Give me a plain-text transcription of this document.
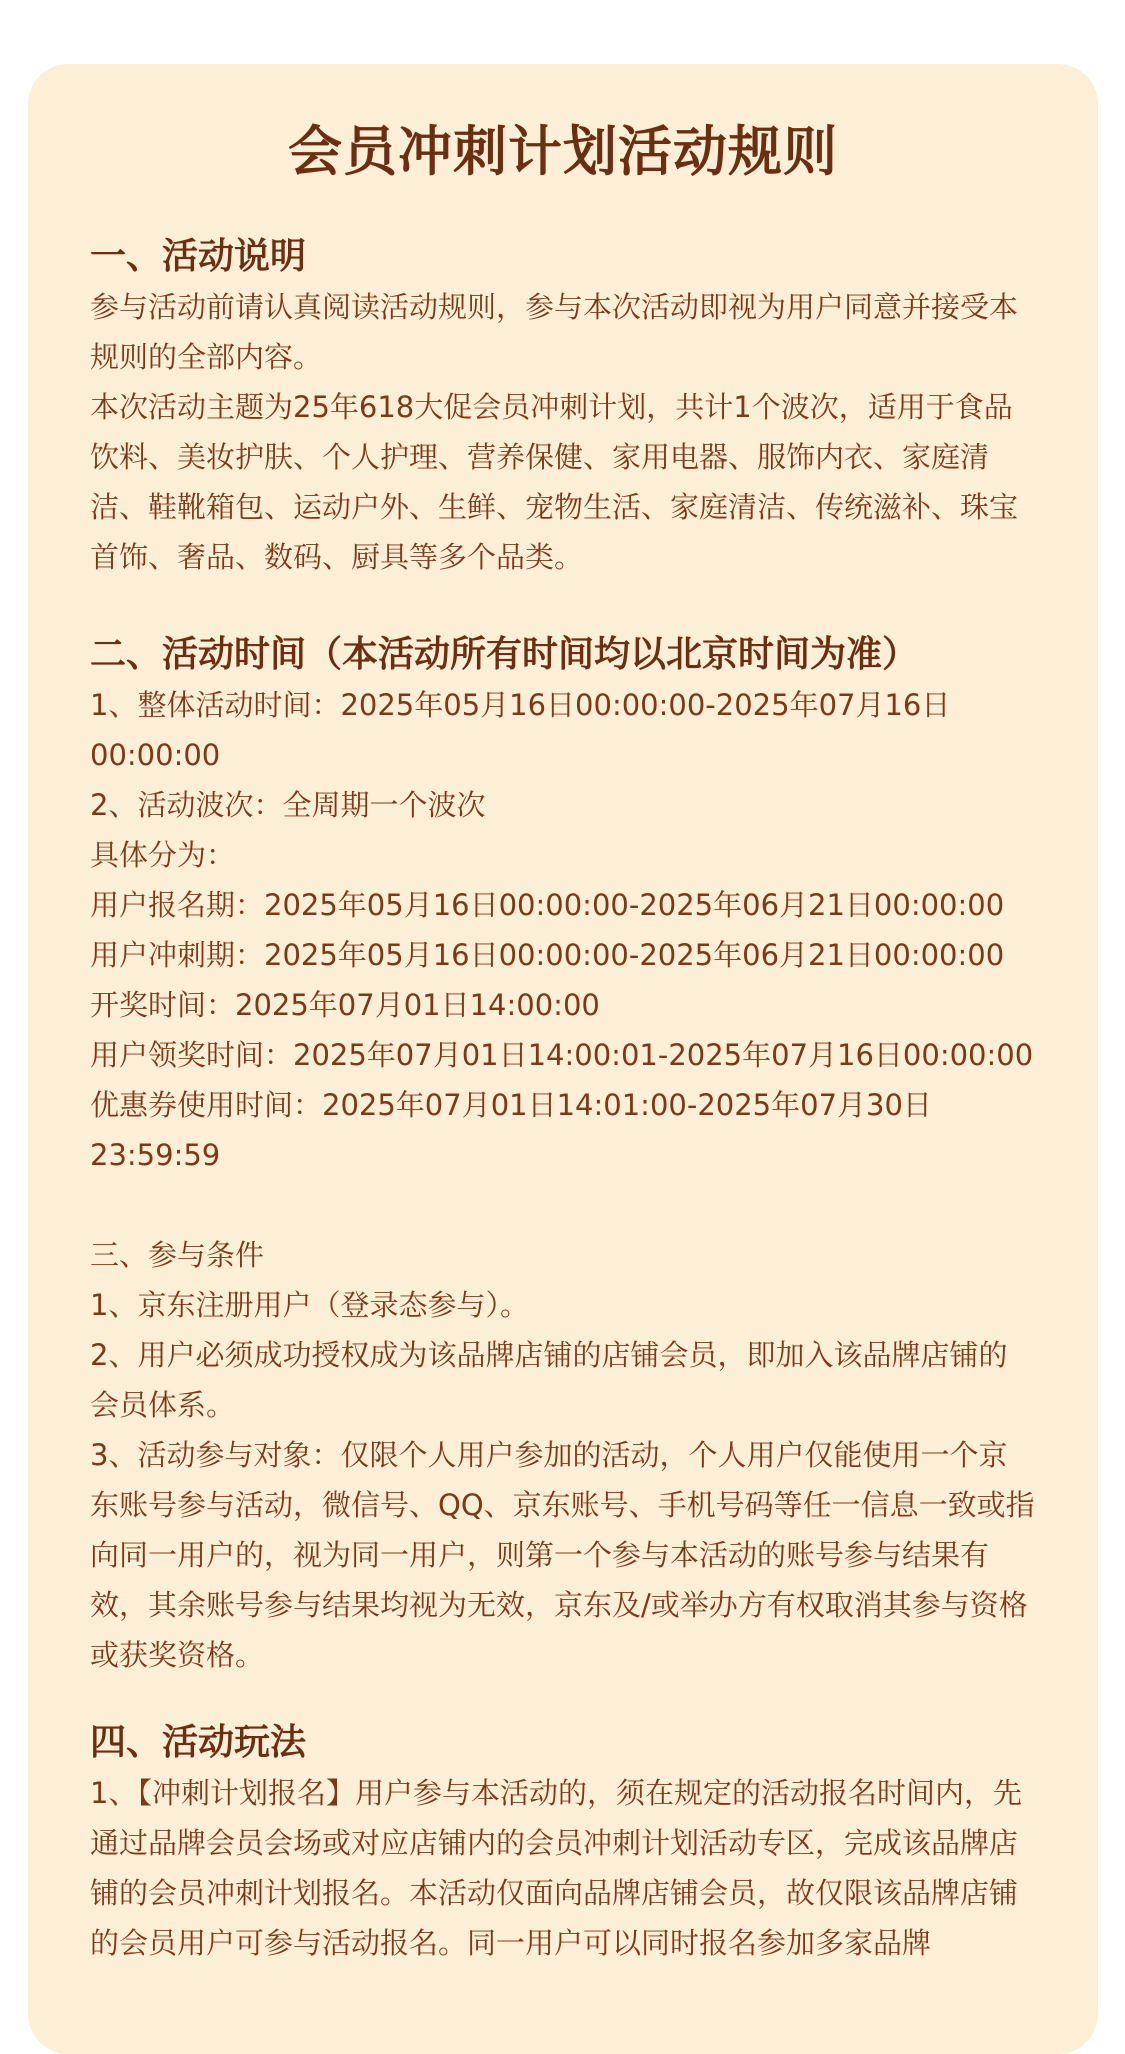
会员冲刺计划活动规则
一、活动说明

参与活动前请认真阅读活动规则，参与本次活动即视为用户同意并接受本规则的全部内容。

本次活动主题为25年618大促会员冲刺计划，共计1个波次，适用于食品饮料、美妆护肤、个人护理、营养保健、家用电器、服饰内衣、家庭清洁、鞋靴箱包、运动户外、生鲜、宠物生活、家庭清洁、传统滋补、珠宝首饰、奢品、数码、厨具等多个品类。

二、活动时间（本活动所有时间均以北京时间为准）

1、整体活动时间：2025年05月16日00:00:00-2025年07月16日00:00:00

2、活动波次：全周期一个波次

具体分为：

用户报名期：2025年05月16日00:00:00-2025年06月21日00:00:00

用户冲刺期：2025年05月16日00:00:00-2025年06月21日00:00:00

开奖时间：2025年07月01日14:00:00

用户领奖时间：2025年07月01日14:00:01-2025年07月16日00:00:00

优惠券使用时间：2025年07月01日14:01:00-2025年07月30日23:59:59

三、参与条件

1、京东注册用户（登录态参与）。

2、用户必须成功授权成为该品牌店铺的店铺会员，即加入该品牌店铺的会员体系。

3、活动参与对象：仅限个人用户参加的活动，个人用户仅能使用一个京东账号参与活动，微信号、QQ、京东账号、手机号码等任一信息一致或指向同一用户的，视为同一用户，则第一个参与本活动的账号参与结果有效，其余账号参与结果均视为无效，京东及/或举办方有权取消其参与资格或获奖资格。

四、活动玩法

1、【冲刺计划报名】用户参与本活动的，须在规定的活动报名时间内，先通过品牌会员会场或对应店铺内的会员冲刺计划活动专区，完成该品牌店铺的会员冲刺计划报名。本活动仅面向品牌店铺会员，故仅限该品牌店铺的会员用户可参与活动报名。同一用户可以同时报名参加多家品牌
